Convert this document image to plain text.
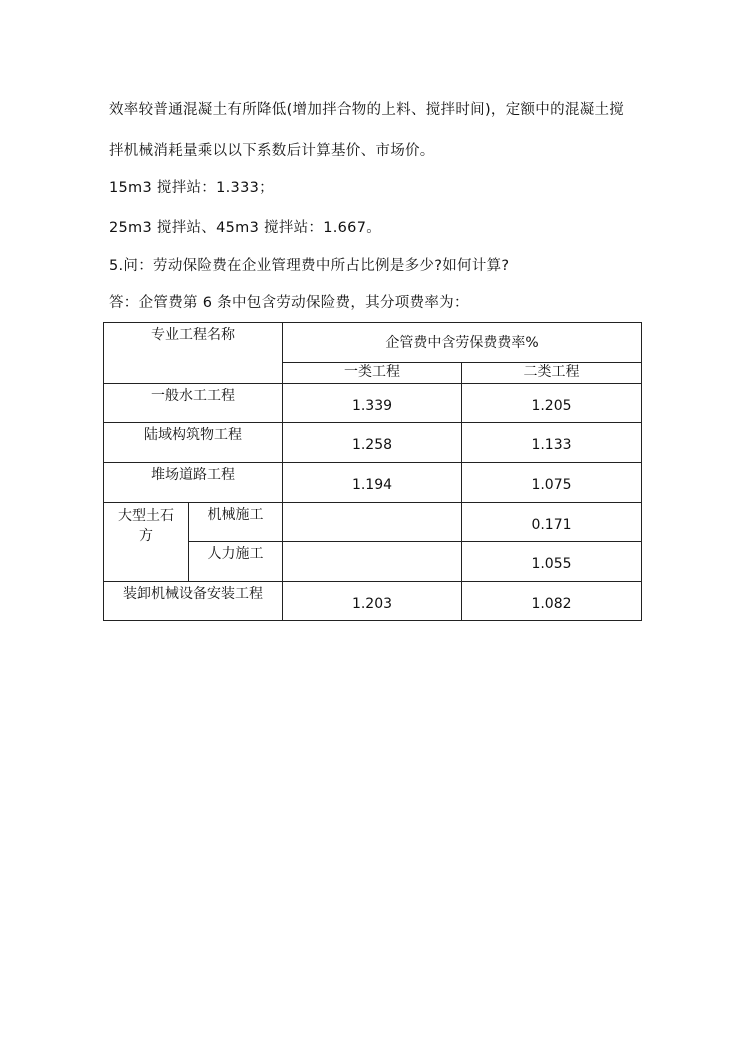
效率较普通混凝土有所降低(增加拌合物的上料、搅拌时间)，定额中的混凝土搅
拌机械消耗量乘以以下系数后计算基价、市场价。
15m3 搅拌站：1.333；
25m3 搅拌站、45m3 搅拌站：1.667。
5.问：劳动保险费在企业管理费中所占比例是多少?如何计算?
答：企管费第 6 条中包含劳动保险费，其分项费率为：
专业工程名称		企管费中含劳保费费率%	

		一类工程	二类工程

一般水工工程		1.339	1.205

陆域构筑物工程		1.258	1.133

堆场道路工程		1.194	1.075

大型土石方	机械施工		0.171

	人力施工		1.055

装卸机械设备安装工程		1.203	1.082
